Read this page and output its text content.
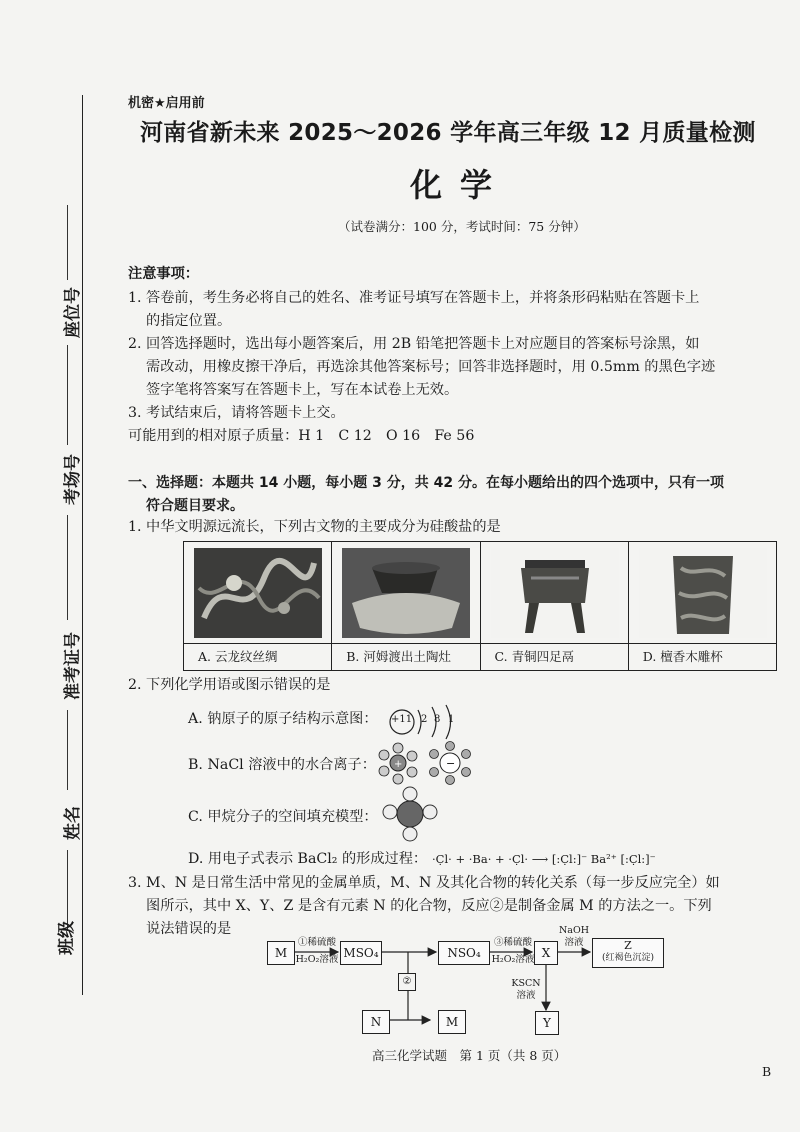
座位号
考场号
准考证号
姓名
班级
机密★启用前
河南省新未来 2025～2026 学年高三年级 12 月质量检测
化学
（试卷满分：100 分，考试时间：75 分钟）
注意事项：
1. 答卷前，考生务必将自己的姓名、准考证号填写在答题卡上，并将条形码粘贴在答题卡上
的指定位置。
2. 回答选择题时，选出每小题答案后，用 2B 铅笔把答题卡上对应题目的答案标号涂黑，如
需改动，用橡皮擦干净后，再选涂其他答案标号；回答非选择题时，用 0.5mm 的黑色字迹
签字笔将答案写在答题卡上，写在本试卷上无效。
3. 考试结束后，请将答题卡上交。
可能用到的相对原子质量：H 1　C 12　O 16　Fe 56
一、选择题：本题共 14 小题，每小题 3 分，共 42 分。在每小题给出的四个选项中，只有一项
符合题目要求。
1. 中华文明源远流长，下列古文物的主要成分为硅酸盐的是
A. 云龙纹丝绸	B. 河姆渡出土陶灶	C. 青铜四足鬲	D. 檀香木雕杯
2. 下列化学用语或图示错误的是
A. 钠原子的原子结构示意图： +11 2 8 1
B. NaCl 溶液中的水合离子： +	−
C. 甲烷分子的空间填充模型：
D. 用电子式表示 BaCl₂ 的形成过程： ·C̣l· + ·Ba· + ·C̣l· ⟶ [:C̣l:]⁻ Ba²⁺ [:C̣l:]⁻
3. M、N 是日常生活中常见的金属单质，M、N 及其化合物的转化关系（每一步反应完全）如
图所示，其中 X、Y、Z 是含有元素 N 的化合物，反应②是制备金属 M 的方法之一。下列
说法错误的是
M
①稀硫酸
H₂O₂溶液 MSO₄
②
NSO₄
③稀硫酸
H₂O₂溶液 X
NaOH
溶液	Z
(红褐色沉淀)
N	M
KSCN
溶液
Y
高三化学试题　第 1 页（共 8 页）
B
